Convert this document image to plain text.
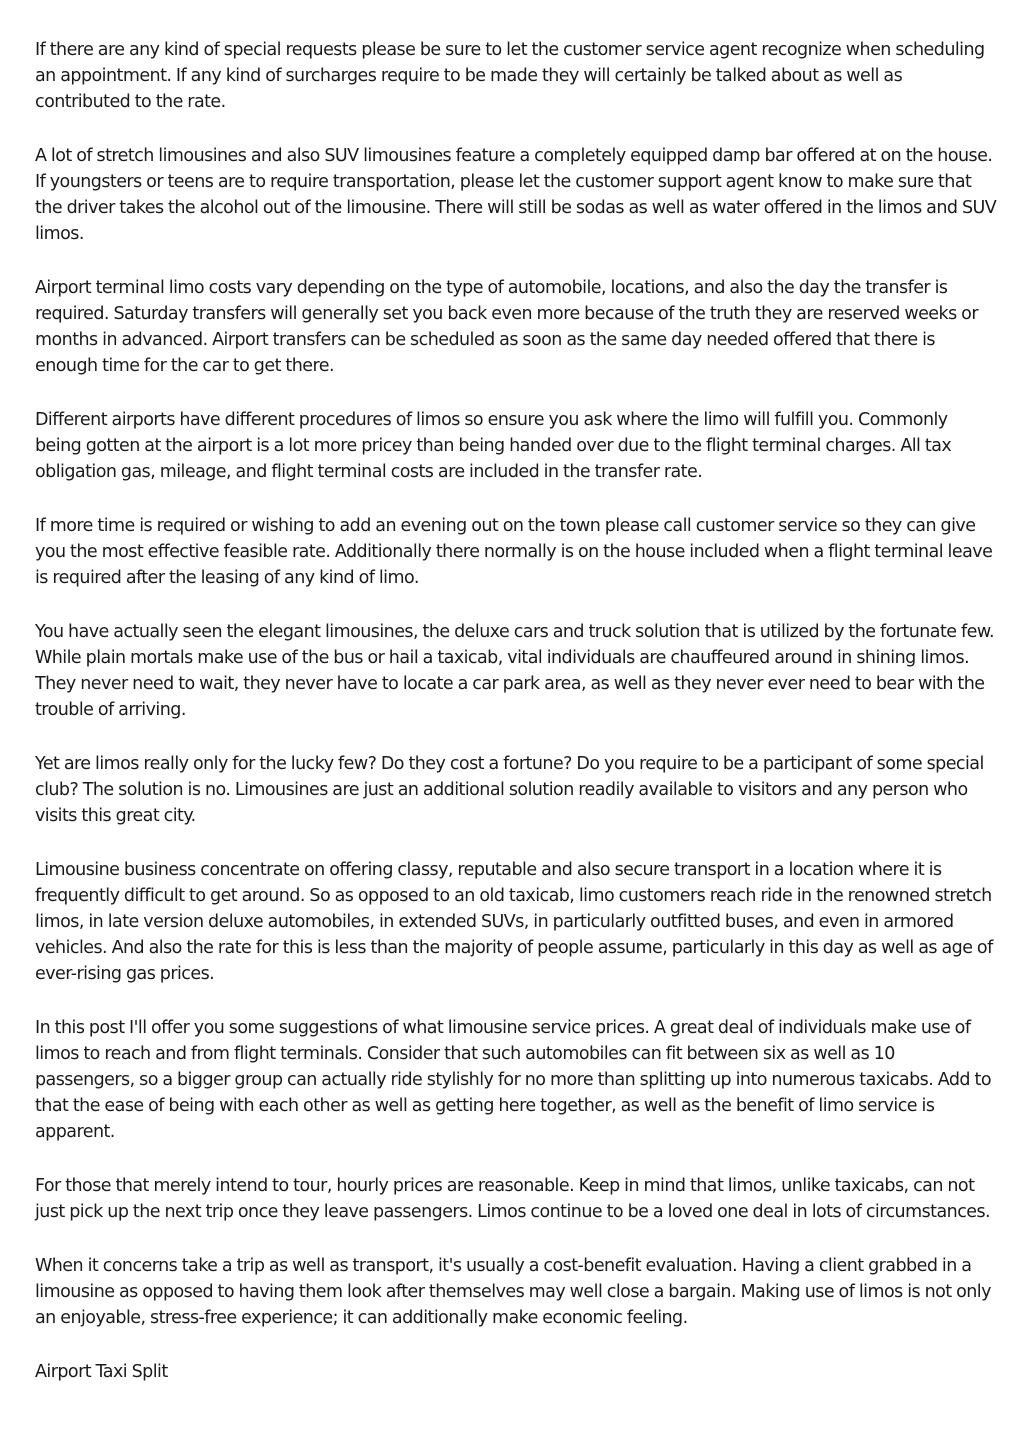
If there are any kind of special requests please be sure to let the customer service agent recognize when scheduling an appointment. If any kind of surcharges require to be made they will certainly be talked about as well as contributed to the rate.

A lot of stretch limousines and also SUV limousines feature a completely equipped damp bar offered at on the house. If youngsters or teens are to require transportation, please let the customer support agent know to make sure that the driver takes the alcohol out of the limousine. There will still be sodas as well as water offered in the limos and SUV limos.

Airport terminal limo costs vary depending on the type of automobile, locations, and also the day the transfer is required. Saturday transfers will generally set you back even more because of the truth they are reserved weeks or months in advanced. Airport transfers can be scheduled as soon as the same day needed offered that there is enough time for the car to get there.

Different airports have different procedures of limos so ensure you ask where the limo will fulfill you. Commonly being gotten at the airport is a lot more pricey than being handed over due to the flight terminal charges. All tax obligation gas, mileage, and flight terminal costs are included in the transfer rate.

If more time is required or wishing to add an evening out on the town please call customer service so they can give you the most effective feasible rate. Additionally there normally is on the house included when a flight terminal leave is required after the leasing of any kind of limo.

You have actually seen the elegant limousines, the deluxe cars and truck solution that is utilized by the fortunate few. While plain mortals make use of the bus or hail a taxicab, vital individuals are chauffeured around in shining limos. They never need to wait, they never have to locate a car park area, as well as they never ever need to bear with the trouble of arriving.

Yet are limos really only for the lucky few? Do they cost a fortune? Do you require to be a participant of some special club? The solution is no. Limousines are just an additional solution readily available to visitors and any person who visits this great city.

Limousine business concentrate on offering classy, reputable and also secure transport in a location where it is frequently difficult to get around. So as opposed to an old taxicab, limo customers reach ride in the renowned stretch limos, in late version deluxe automobiles, in extended SUVs, in particularly outfitted buses, and even in armored vehicles. And also the rate for this is less than the majority of people assume, particularly in this day as well as age of ever-rising gas prices.

In this post I'll offer you some suggestions of what limousine service prices. A great deal of individuals make use of limos to reach and from flight terminals. Consider that such automobiles can fit between six as well as 10 passengers, so a bigger group can actually ride stylishly for no more than splitting up into numerous taxicabs. Add to that the ease of being with each other as well as getting here together, as well as the benefit of limo service is apparent.

For those that merely intend to tour, hourly prices are reasonable. Keep in mind that limos, unlike taxicabs, can not just pick up the next trip once they leave passengers. Limos continue to be a loved one deal in lots of circumstances.

When it concerns take a trip as well as transport, it's usually a cost-benefit evaluation. Having a client grabbed in a limousine as opposed to having them look after themselves may well close a bargain. Making use of limos is not only an enjoyable, stress-free experience; it can additionally make economic feeling.

Airport Taxi Split
